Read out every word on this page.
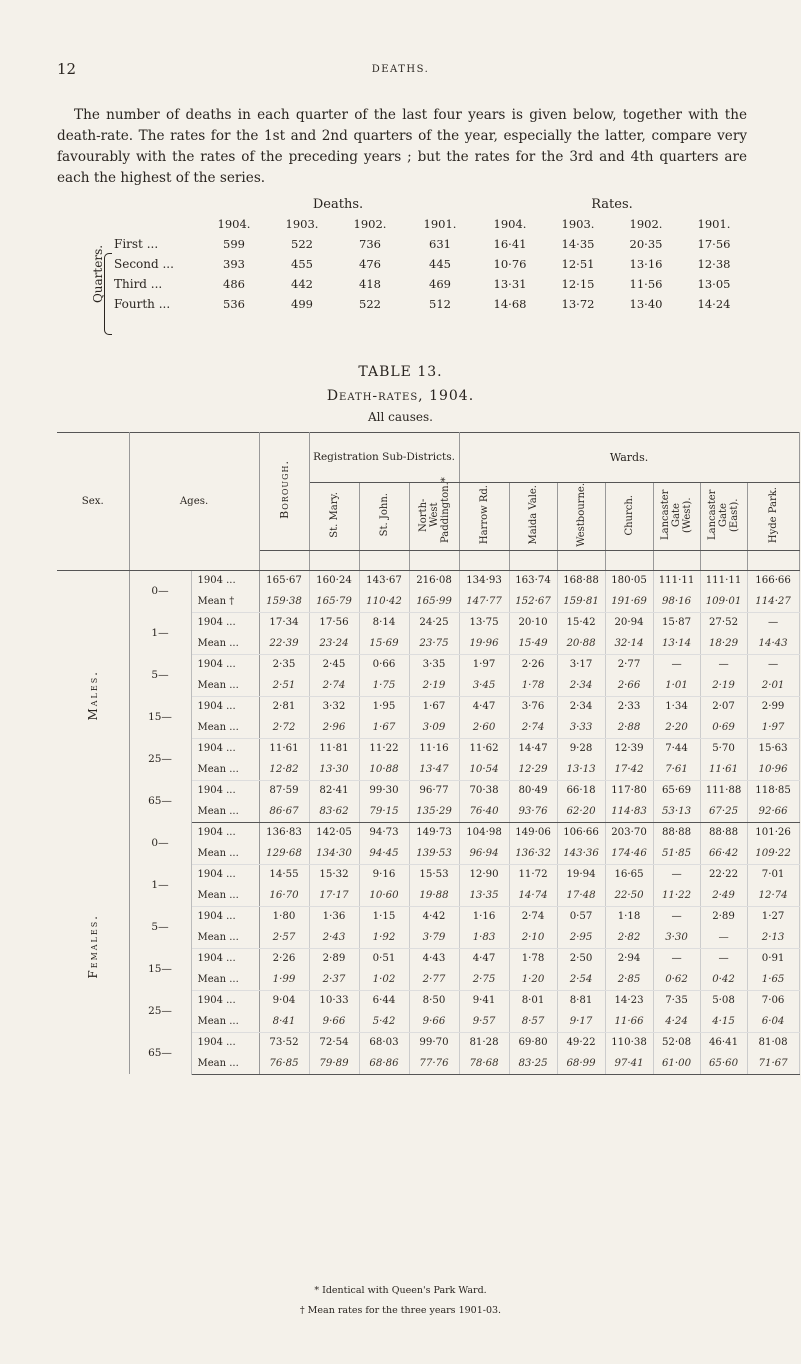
12	DEATHS.

The number of deaths in each quarter of the last four years is given below, together with the death-rate. The rates for the 1st and 2nd quarters of the year, especially the latter, compare very favourably with the rates of the preceding years ; but the rates for the 3rd and 4th quarters are each the highest of the series.

		Deaths.				Rates.			
		1904.	1903.	1902.	1901.	1904.	1903.	1902.	1901.

Quarters.	First ...	599	522	736	631	16·41	14·35	20·35	17·56
	Second ...	393	455	476	445	10·76	12·51	13·16	12·38
	Third ...	486	442	418	469	13·31	12·15	11·56	13·05
	Fourth ...	536	499	522	512	14·68	13·72	13·40	14·24
TABLE 13.
Death-rates, 1904.
All causes.
Sex.	Ages.		Borough.	Registration Sub-Districts.			Wards.						
				St. Mary.	St. John.	North-West Paddington.*	Harrow Rd.	Maida Vale.	Westbourne.	Church.	Lancaster Gate (West).	Lancaster Gate (East).	Hyde Park.

Males.	0—	1904 ...	165·67	160·24	143·67	216·08	134·93	163·74	168·88	180·05	111·11	111·11	166·66
		Mean †	159·38	165·79	110·42	165·99	147·77	152·67	159·81	191·69	98·16	109·01	114·27
	1—	1904 ...	17·34	17·56	8·14	24·25	13·75	20·10	15·42	20·94	15·87	27·52	—
		Mean ...	22·39	23·24	15·69	23·75	19·96	15·49	20·88	32·14	13·14	18·29	14·43
	5—	1904 ...	2·35	2·45	0·66	3·35	1·97	2·26	3·17	2·77	—	—	—
		Mean ...	2·51	2·74	1·75	2·19	3·45	1·78	2·34	2·66	1·01	2·19	2·01
	15—	1904 ...	2·81	3·32	1·95	1·67	4·47	3·76	2·34	2·33	1·34	2·07	2·99
		Mean ...	2·72	2·96	1·67	3·09	2·60	2·74	3·33	2·88	2·20	0·69	1·97
	25—	1904 ...	11·61	11·81	11·22	11·16	11·62	14·47	9·28	12·39	7·44	5·70	15·63
		Mean ...	12·82	13·30	10·88	13·47	10·54	12·29	13·13	17·42	7·61	11·61	10·96
	65—	1904 ...	87·59	82·41	99·30	96·77	70·38	80·49	66·18	117·80	65·69	111·88	118·85
		Mean ...	86·67	83·62	79·15	135·29	76·40	93·76	62·20	114·83	53·13	67·25	92·66
Females.	0—	1904 ...	136·83	142·05	94·73	149·73	104·98	149·06	106·66	203·70	88·88	88·88	101·26
		Mean ...	129·68	134·30	94·45	139·53	96·94	136·32	143·36	174·46	51·85	66·42	109·22
	1—	1904 ...	14·55	15·32	9·16	15·53	12·90	11·72	19·94	16·65	—	22·22	7·01
		Mean ...	16·70	17·17	10·60	19·88	13·35	14·74	17·48	22·50	11·22	2·49	12·74
	5—	1904 ...	1·80	1·36	1·15	4·42	1·16	2·74	0·57	1·18	—	2·89	1·27
		Mean ...	2·57	2·43	1·92	3·79	1·83	2·10	2·95	2·82	3·30	—	2·13
	15—	1904 ...	2·26	2·89	0·51	4·43	4·47	1·78	2·50	2·94	—	—	0·91
		Mean ...	1·99	2·37	1·02	2·77	2·75	1·20	2·54	2·85	0·62	0·42	1·65
	25—	1904 ...	9·04	10·33	6·44	8·50	9·41	8·01	8·81	14·23	7·35	5·08	7·06
		Mean ...	8·41	9·66	5·42	9·66	9·57	8·57	9·17	11·66	4·24	4·15	6·04
	65—	1904 ...	73·52	72·54	68·03	99·70	81·28	69·80	49·22	110·38	52·08	46·41	81·08
		Mean ...	76·85	79·89	68·86	77·76	78·68	83·25	68·99	97·41	61·00	65·60	71·67
* Identical with Queen's Park Ward.
† Mean rates for the three years 1901-03.
